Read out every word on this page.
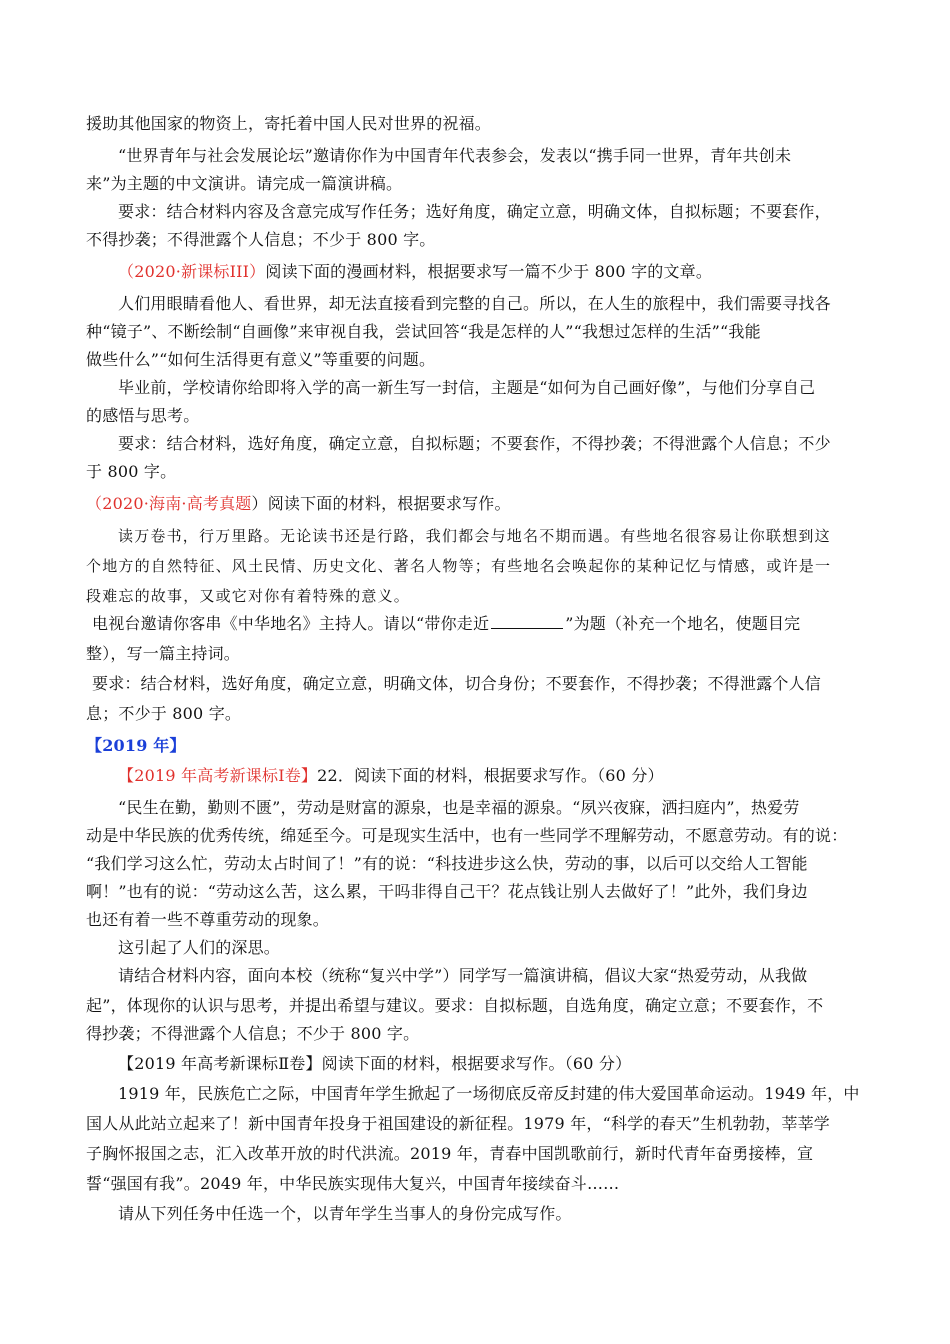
援助其他国家的物资上，寄托着中国人民对世界的祝福。
“世界青年与社会发展论坛”邀请你作为中国青年代表参会，发表以“携手同一世界，青年共创未
来”为主题的中文演讲。请完成一篇演讲稿。
要求：结合材料内容及含意完成写作任务；选好角度，确定立意，明确文体，自拟标题；不要套作，
不得抄袭；不得泄露个人信息；不少于 800 字。
（2020·新课标III）阅读下面的漫画材料，根据要求写一篇不少于 800 字的文章。
人们用眼睛看他人、看世界，却无法直接看到完整的自己。所以，在人生的旅程中，我们需要寻找各
种“镜子”、不断绘制“自画像”来审视自我，尝试回答“我是怎样的人”“我想过怎样的生活”“我能
做些什么”“如何生活得更有意义”等重要的问题。
毕业前，学校请你给即将入学的高一新生写一封信，主题是“如何为自己画好像”，与他们分享自己
的感悟与思考。
要求：结合材料，选好角度，确定立意，自拟标题；不要套作，不得抄袭；不得泄露个人信息；不少
于 800 字。
（2020·海南·高考真题）阅读下面的材料，根据要求写作。
读万卷书，行万里路。无论读书还是行路，我们都会与地名不期而遇。有些地名很容易让你联想到这
个地方的自然特征、风土民情、历史文化、著名人物等；有些地名会唤起你的某种记忆与情感，或许是一
段难忘的故事，又或它对你有着特殊的意义。
电视台邀请你客串《中华地名》主持人。请以“带你走近	”为题（补充一个地名，使题目完
整），写一篇主持词。
要求：结合材料，选好角度，确定立意，明确文体，切合身份；不要套作，不得抄袭；不得泄露个人信
息；不少于 800 字。
【2019 年】
【2019 年高考新课标Ⅰ卷】22．阅读下面的材料，根据要求写作。（60 分）
“民生在勤，勤则不匮”，劳动是财富的源泉，也是幸福的源泉。“夙兴夜寐，洒扫庭内”，热爱劳
动是中华民族的优秀传统，绵延至今。可是现实生活中，也有一些同学不理解劳动，不愿意劳动。有的说：
“我们学习这么忙，劳动太占时间了！”有的说：“科技进步这么快，劳动的事，以后可以交给人工智能
啊！”也有的说：“劳动这么苦，这么累，干吗非得自己干？花点钱让别人去做好了！”此外，我们身边
也还有着一些不尊重劳动的现象。
这引起了人们的深思。
请结合材料内容，面向本校（统称“复兴中学”）同学写一篇演讲稿，倡议大家“热爱劳动，从我做
起”，体现你的认识与思考，并提出希望与建议。要求：自拟标题，自选角度，确定立意；不要套作，不
得抄袭；不得泄露个人信息；不少于 800 字。
【2019 年高考新课标Ⅱ卷】阅读下面的材料，根据要求写作。（60 分）
1919 年，民族危亡之际，中国青年学生掀起了一场彻底反帝反封建的伟大爱国革命运动。1949 年，中
国人从此站立起来了！新中国青年投身于祖国建设的新征程。1979 年，“科学的春天”生机勃勃，莘莘学
子胸怀报国之志，汇入改革开放的时代洪流。2019 年，青春中国凯歌前行，新时代青年奋勇接棒，宣
誓“强国有我”。2049 年，中华民族实现伟大复兴，中国青年接续奋斗……
请从下列任务中任选一个，以青年学生当事人的身份完成写作。
